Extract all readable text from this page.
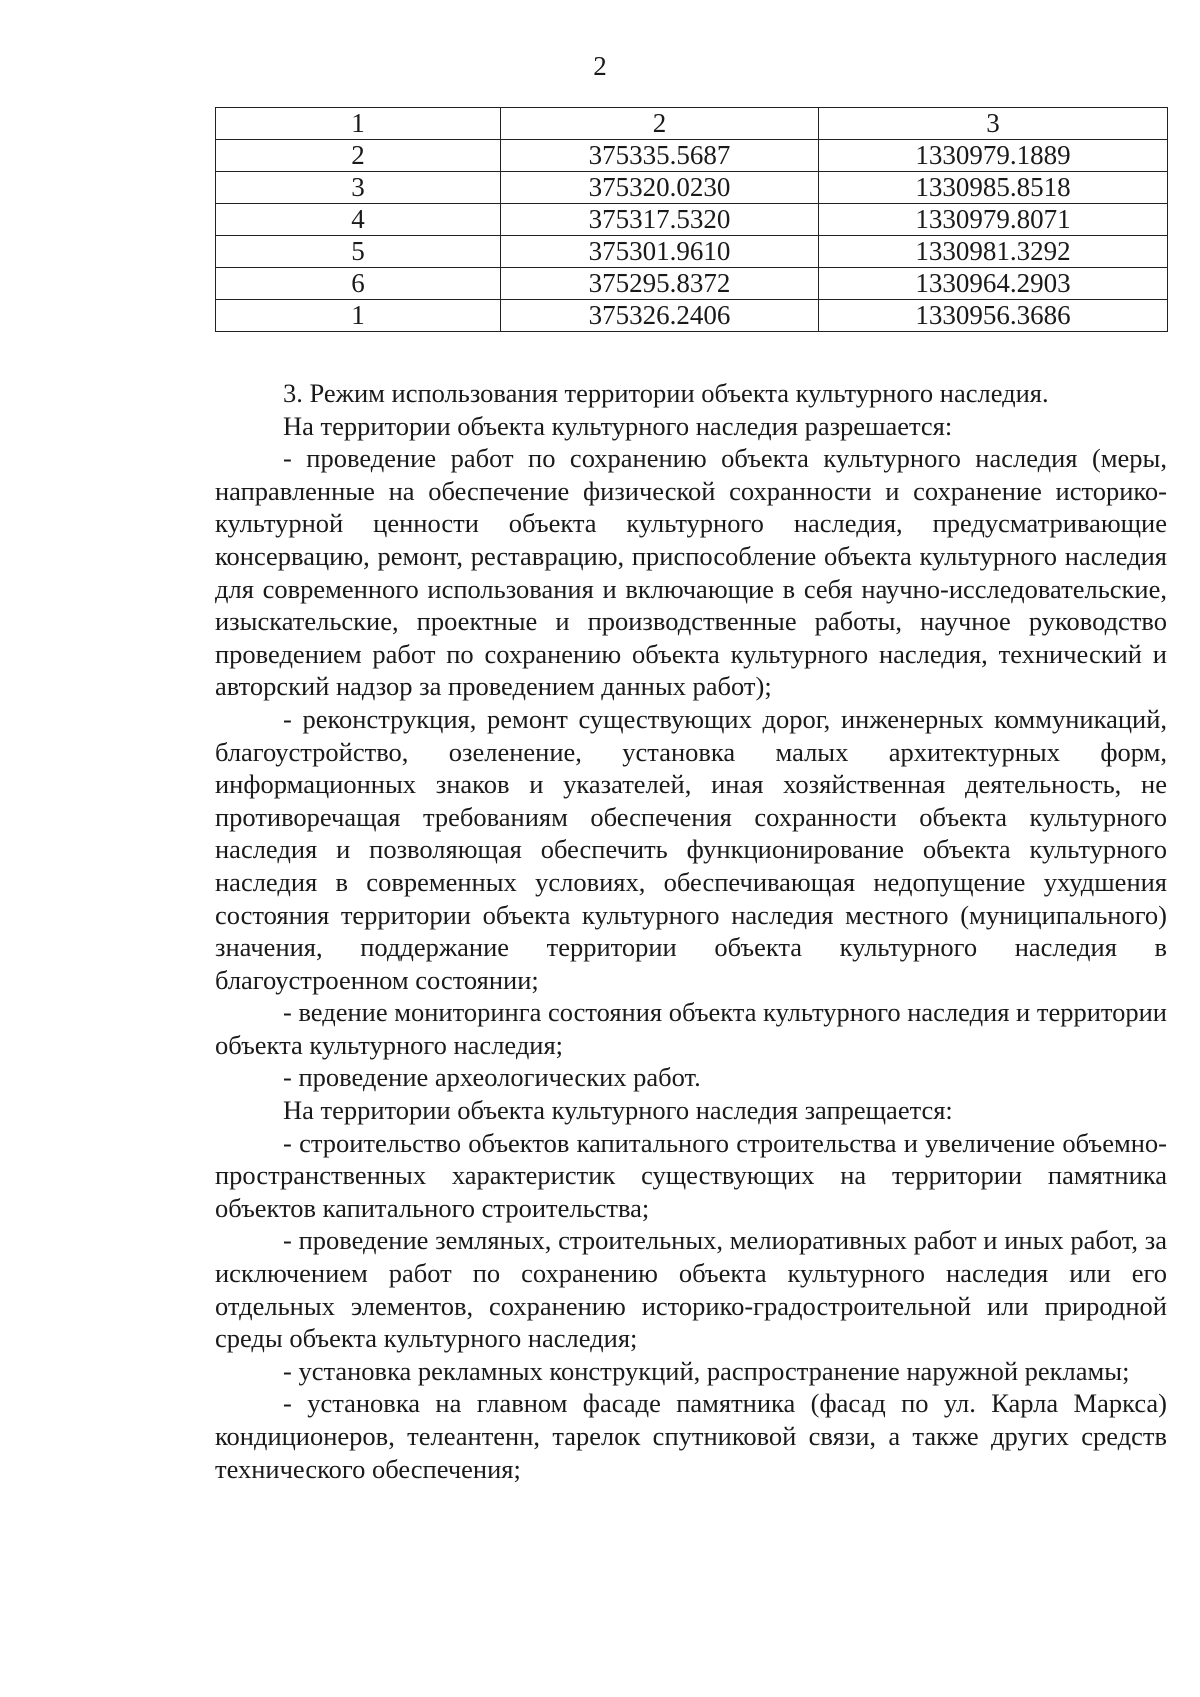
2
1	2	3
2	375335.5687	1330979.1889
3	375320.0230	1330985.8518
4	375317.5320	1330979.8071
5	375301.9610	1330981.3292
6	375295.8372	1330964.2903
1	375326.2406	1330956.3686

3. Режим использования территории объекта культурного наследия.

На территории объекта культурного наследия разрешается:

- проведение работ по сохранению объекта культурного наследия (меры, направленные на обеспечение физической сохранности и сохранение историко-культурной ценности объекта культурного наследия, предусматривающие консервацию, ремонт, реставрацию, приспособление объекта культурного наследия для современного использования и включающие в себя научно-исследовательские, изыскательские, проектные и производственные работы, научное руководство проведением работ по сохранению объекта культурного наследия, технический и авторский надзор за проведением данных работ);

- реконструкция, ремонт существующих дорог, инженерных коммуникаций, благоустройство, озеленение, установка малых архитектурных форм, информационных знаков и указателей, иная хозяйственная деятельность, не противоречащая требованиям обеспечения сохранности объекта культурного наследия и позволяющая обеспечить функционирование объекта культурного наследия в современных условиях, обеспечивающая недопущение ухудшения состояния территории объекта культурного наследия местного (муниципального) значения, поддержание территории объекта культурного наследия в благоустроенном состоянии;

- ведение мониторинга состояния объекта культурного наследия и территории объекта культурного наследия;

- проведение археологических работ.

На территории объекта культурного наследия запрещается:

- строительство объектов капитального строительства и увеличение объемно-пространственных характеристик существующих на территории памятника объектов капитального строительства;

- проведение земляных, строительных, мелиоративных работ и иных работ, за исключением работ по сохранению объекта культурного наследия или его отдельных элементов, сохранению историко-градостроительной или природной среды объекта культурного наследия;

- установка рекламных конструкций, распространение наружной рекламы;

- установка на главном фасаде памятника (фасад по ул. Карла Маркса) кондиционеров, телеантенн, тарелок спутниковой связи, а также других средств технического обеспечения;
